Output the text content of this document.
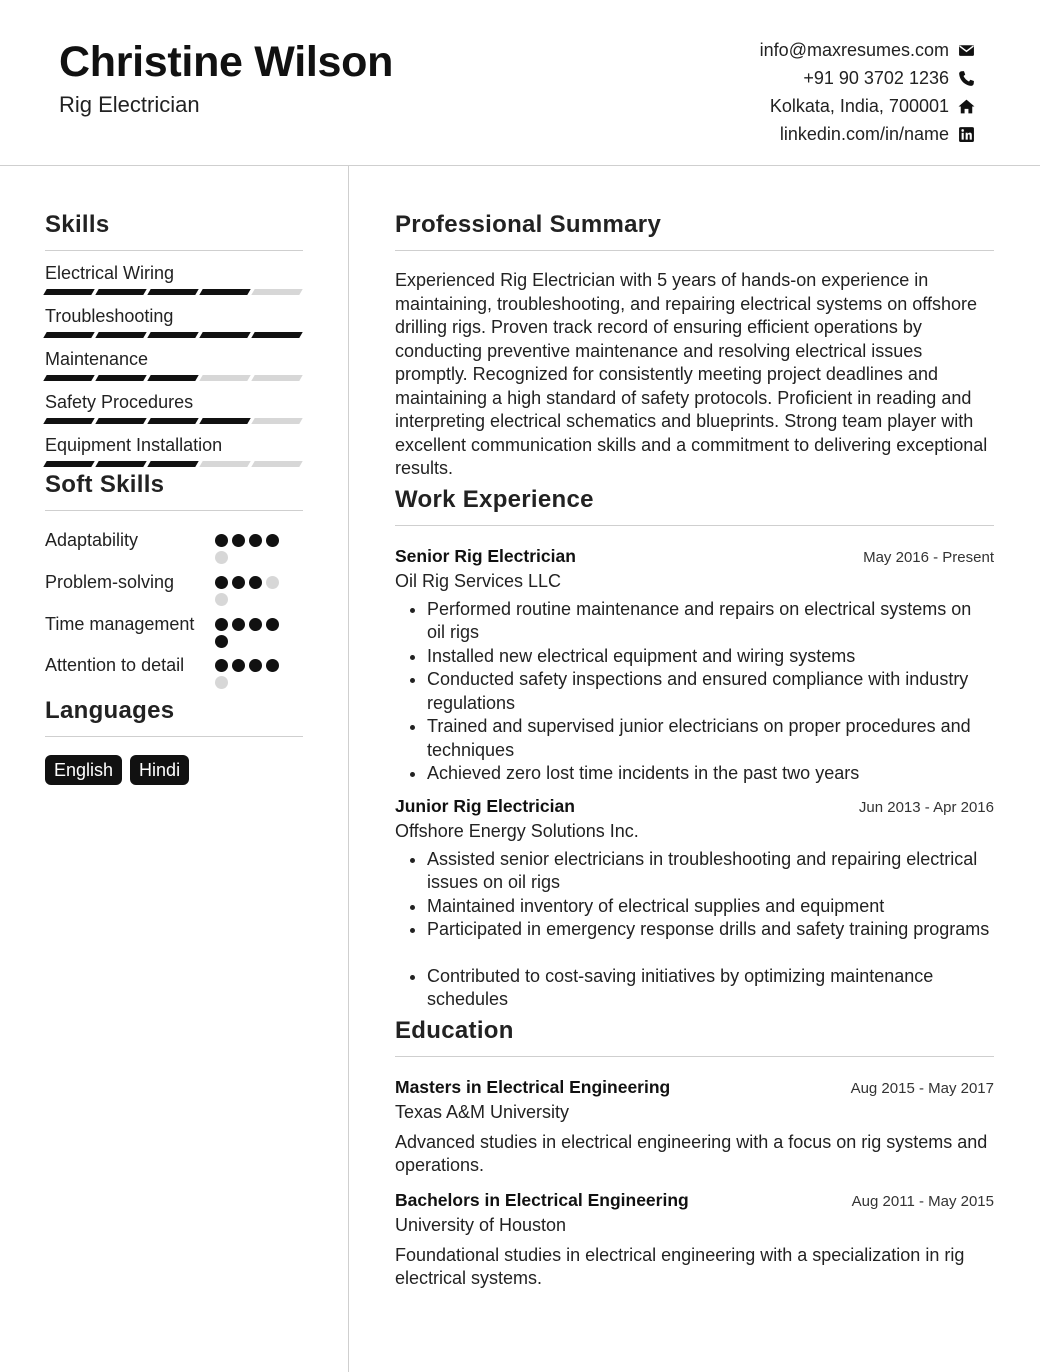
Christine Wilson
Rig Electrician
info@maxresumes.com
+91 90 3702 1236
Kolkata, India, 700001
linkedin.com/in/name
Skills
Electrical Wiring
Troubleshooting
Maintenance
Safety Procedures
Equipment Installation
Soft Skills
Adaptability
Problem-solving
Time management
Attention to detail
Languages
English	Hindi
Professional Summary
Experienced Rig Electrician with 5 years of hands-on experience in maintaining, troubleshooting, and repairing electrical systems on offshore drilling rigs. Proven track record of ensuring efficient operations by conducting preventive maintenance and resolving electrical issues promptly. Recognized for consistently meeting project deadlines and maintaining a high standard of safety protocols. Proficient in reading and interpreting electrical schematics and blueprints. Strong team player with excellent communication skills and a commitment to delivering exceptional results.
Work Experience
Senior Rig Electrician	May 2016 - Present
Oil Rig Services LLC
• Performed routine maintenance and repairs on electrical systems on oil rigs
• Installed new electrical equipment and wiring systems
• Conducted safety inspections and ensured compliance with industry regulations
• Trained and supervised junior electricians on proper procedures and techniques
• Achieved zero lost time incidents in the past two years
Junior Rig Electrician	Jun 2013 - Apr 2016
Offshore Energy Solutions Inc.
• Assisted senior electricians in troubleshooting and repairing electrical issues on oil rigs
• Maintained inventory of electrical supplies and equipment
• Participated in emergency response drills and safety training programs
• Contributed to cost-saving initiatives by optimizing maintenance schedules
Education
Masters in Electrical Engineering	Aug 2015 - May 2017
Texas A&M University
Advanced studies in electrical engineering with a focus on rig systems and operations.
Bachelors in Electrical Engineering	Aug 2011 - May 2015
University of Houston
Foundational studies in electrical engineering with a specialization in rig electrical systems.
